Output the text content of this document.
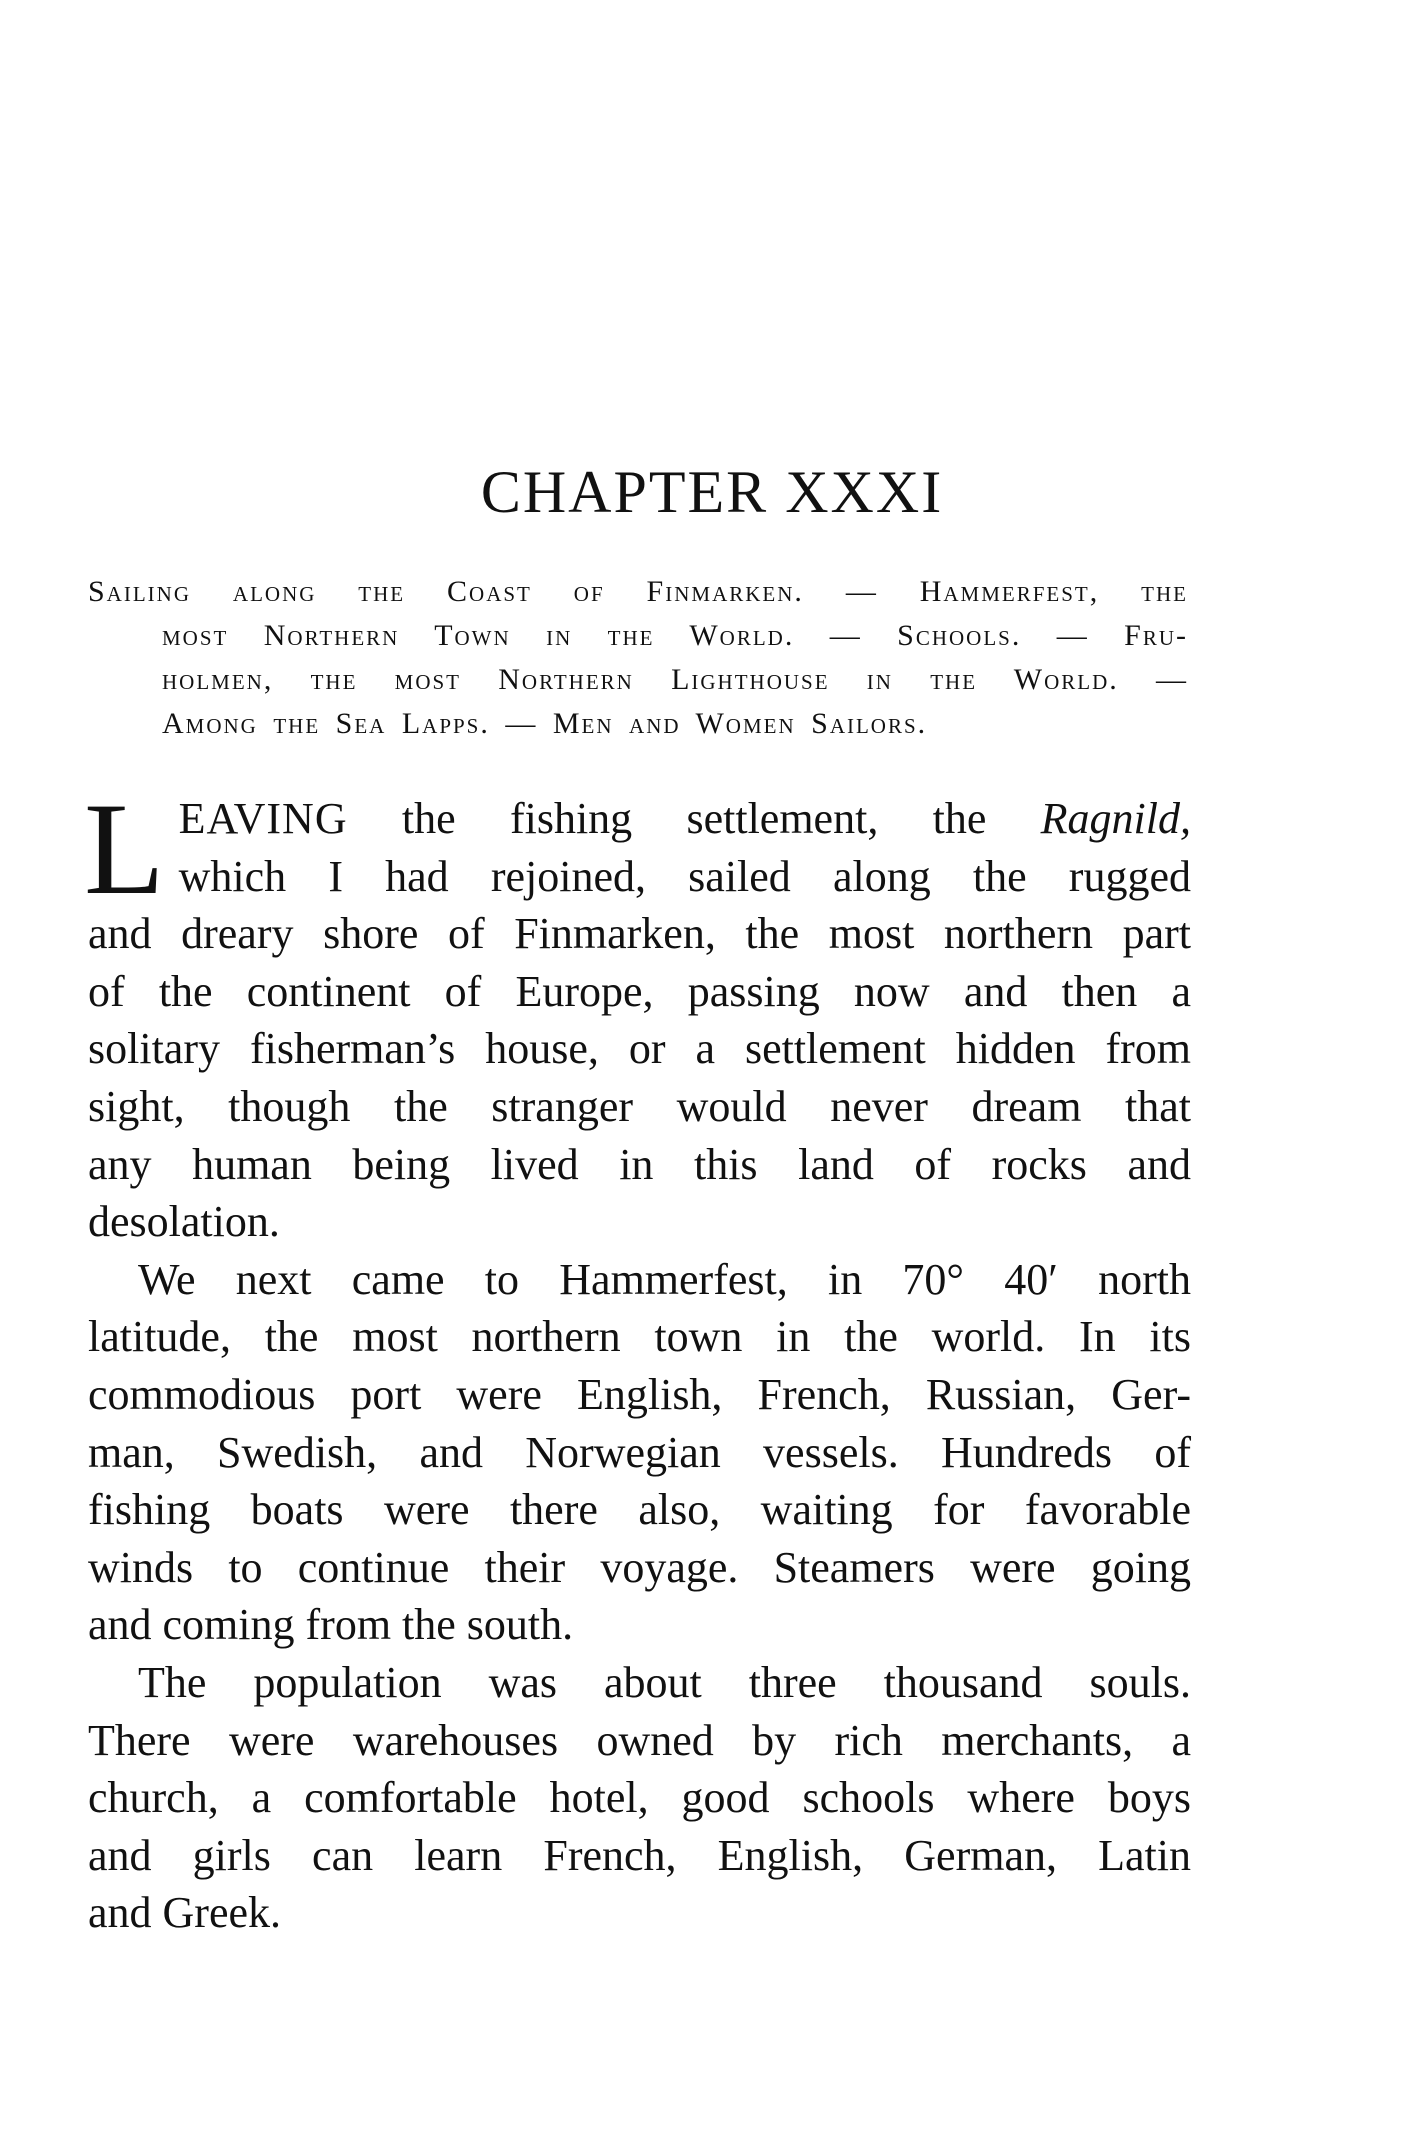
CHAPTER XXXI
Sailing along the Coast of Finmarken. — Hammerfest, the
most Northern Town in the World. — Schools. — Fru-
holmen, the most Northern Lighthouse in the World. —
Among the Sea Lapps. — Men and Women Sailors.
L EAVING the fishing settlement, the Ragnild,
which I had rejoined, sailed along the rugged
and dreary shore of Finmarken, the most northern part
of the continent of Europe, passing now and then a
solitary fisherman’s house, or a settlement hidden from
sight, though the stranger would never dream that
any human being lived in this land of rocks and
desolation.
We next came to Hammerfest, in 70° 40′ north
latitude, the most northern town in the world. In its
commodious port were English, French, Russian, Ger-
man, Swedish, and Norwegian vessels. Hundreds of
fishing boats were there also, waiting for favorable
winds to continue their voyage. Steamers were going
and coming from the south.
The population was about three thousand souls.
There were warehouses owned by rich merchants, a
church, a comfortable hotel, good schools where boys
and girls can learn French, English, German, Latin
and Greek.
